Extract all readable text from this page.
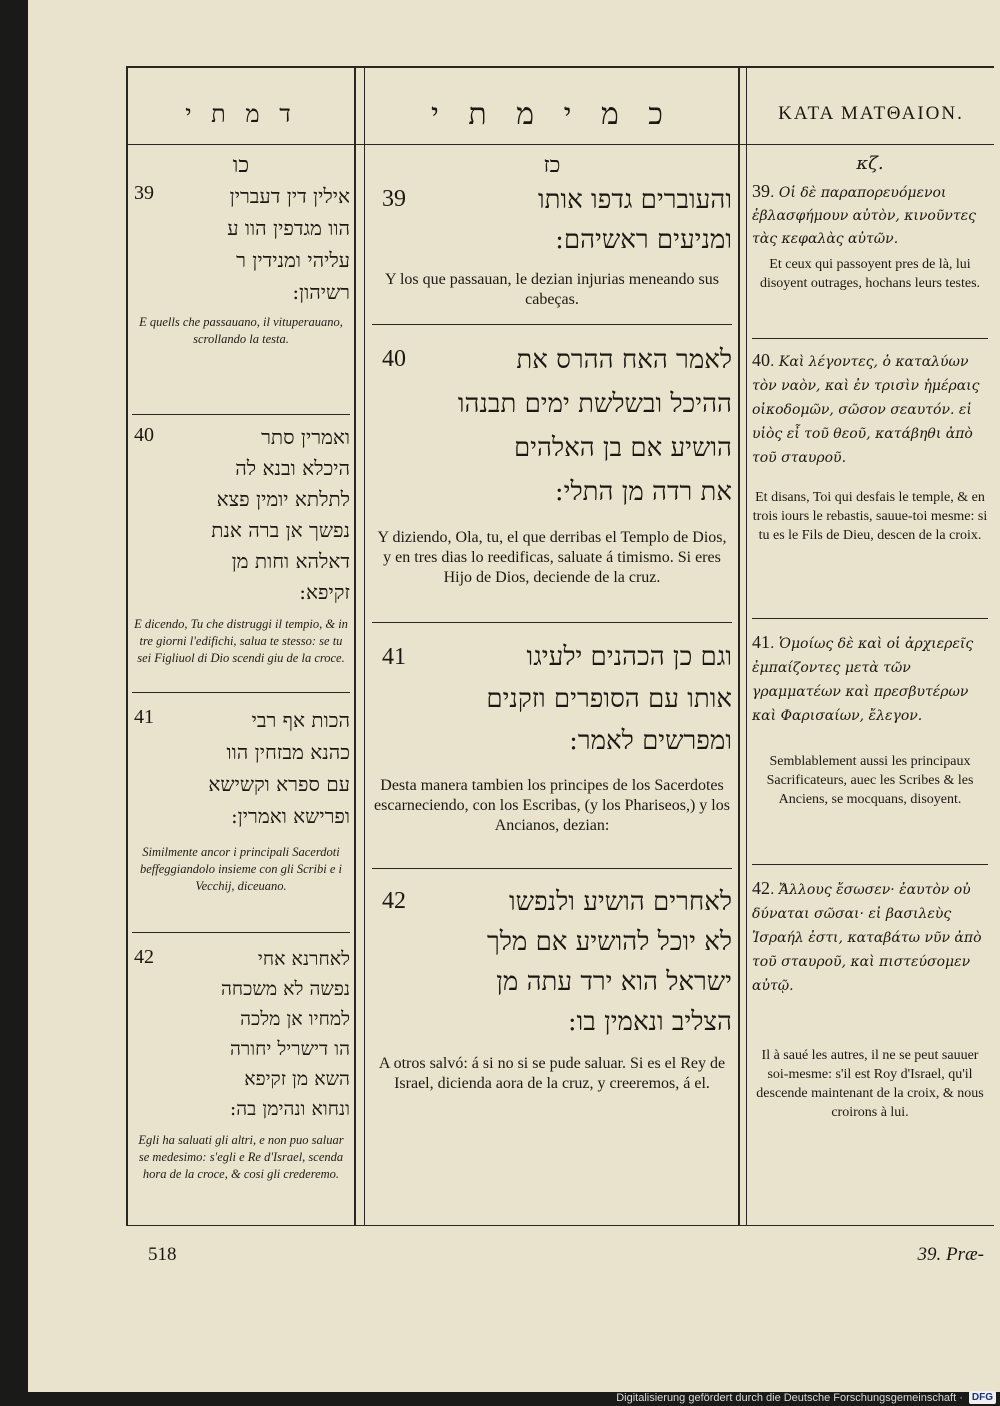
ד מ ת י	כ מ י מ ת י	ΚΑΤΑ ΜΑΤΘΑΙΟΝ.
כו
אילין דין דעברין
הוו מגדפין הוו ע
עליהי ומנידין ר
רשיהון:
39

E quells che passauano, il vituperauano, scrollando la testa.

ואמרין סתר
היכלא ובנא לה
לתלתא יומין פצא
נפשך אן ברה אנת
דאלהא וחות מן
זקיפא:
40

E dicendo, Tu che distruggi il tempio, & in tre giorni l'edifichi, salua te stesso: se tu sei Figliuol di Dio scendi giu de la croce.

הכות אף רבי
כהנא מבזחין הוו
עם ספרא וקשישא
ופרישא ואמרין:
41

Similmente ancor i principali Sacerdoti beffeggiandolo insieme con gli Scribi e i Vecchij, diceuano.

לאחרנא אחי
נפשה לא משכחה
למחיו אן מלכה
הו דישריל יחורה
השא מן זקיפא
ונחוא ונהימן בה:
42

Egli ha saluati gli altri, e non puo saluar se medesimo: s'egli e Re d'Israel, scenda hora de la croce, & cosi gli crederemo.

כז
והעוברים גדפו אותו
ומניעים ראשיהם:
39

Y los que passauan, le dezian injurias meneando sus cabeças.

לאמר האח ההרס את
ההיכל ובשלשת ימים תבנהו
הושיע אם בן האלהים
את רדה מן התלי:
40

Y diziendo, Ola, tu, el que derribas el Templo de Dios, y en tres dias lo reedificas, saluate á timismo. Si eres Hijo de Dios, deciende de la cruz.

וגם כן הכהנים ילעיגו
אותו עם הסופרים וזקנים
ומפרשים לאמר:
41

Desta manera tambien los principes de los Sacerdotes escarneciendo, con los Escribas, (y los Phariseos,) y los Ancianos, dezian:

לאחרים הושיע ולנפשו
לא יוכל להושיע אם מלך
ישראל הוא ירד עתה מן
הצליב ונאמין בו:
42

A otros salvó: á si no si se pude saluar. Si es el Rey de Israel, dicienda aora de la cruz, y creeremos, á el.

κζ.

39. Οἱ δὲ παραπορευόμενοι ἐβλασφήμουν αὐτὸν, κινοῦντες τὰς κεφαλὰς αὐτῶν.

Et ceux qui passoyent pres de là, lui disoyent outrages, hochans leurs testes.

40. Καὶ λέγοντες, ὁ καταλύων τὸν ναὸν, καὶ ἐν τρισὶν ἡμέραις οἰκοδομῶν, σῶσον σεαυτόν. εἰ υἱὸς εἶ τοῦ θεοῦ, κατάβηθι ἀπὸ τοῦ σταυροῦ.

Et disans, Toi qui desfais le temple, & en trois iours le rebastis, sauue-toi mesme: si tu es le Fils de Dieu, descen de la croix.

41. Ὁμοίως δὲ καὶ οἱ ἀρχιερεῖς ἐμπαίζοντες μετὰ τῶν γραμματέων καὶ πρεσβυτέρων καὶ Φαρισαίων, ἔλεγον.

Semblablement aussi les principaux Sacrificateurs, auec les Scribes & les Anciens, se mocquans, disoyent.

42. Ἄλλους ἔσωσεν· ἑαυτὸν οὐ δύναται σῶσαι· εἰ βασιλεὺς Ἰσραήλ ἐστι, καταβάτω νῦν ἀπὸ τοῦ σταυροῦ, καὶ πιστεύσομεν αὐτῷ.

Il à saué les autres, il ne se peut sauuer soi-mesme: s'il est Roy d'Israel, qu'il descende maintenant de la croix, & nous croirons à lui.

518	39. Præ-
Digitalisierung gefördert durch die Deutsche Forschungsgemeinschaft · DFG
